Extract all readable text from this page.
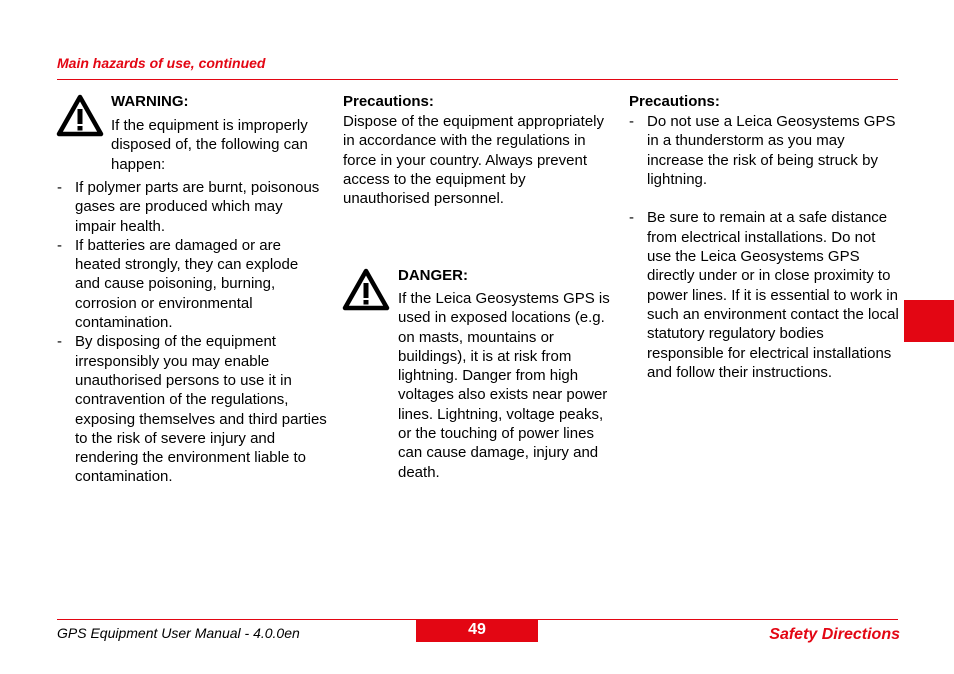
Main hazards of use, continued
WARNING:
If the equipment is improperly disposed of, the following can happen:
- If polymer parts are burnt, poisonous gases are produced which may impair health.
- If batteries are damaged or are heated strongly, they can explode and cause poisoning, burning, corrosion or environmental contamination.
- By disposing of the equipment irresponsibly you may enable unauthorised persons to use it in contravention of the regulations, exposing themselves and third parties to the risk of severe injury and rendering the environment liable to contamination.
Precautions:
Dispose of the equipment appropriately in accordance with the regulations in force in your country. Always prevent access to the equipment by unauthorised personnel.
DANGER:
If the Leica Geosystems GPS is used in exposed locations (e.g. on masts, mountains or buildings), it is at risk from lightning. Danger from high voltages also exists near power lines. Lightning, voltage peaks, or the touching of power lines can cause damage, injury and death.
Precautions:
- Do not use a Leica Geosystems GPS in a thunderstorm as you may increase the risk of being struck by lightning.
- Be sure to remain at a safe distance from electrical installations. Do not use the Leica Geosystems GPS directly under or in close proximity to power lines. If it is essential to work in such an environment contact the local statutory regulatory bodies responsible for electrical installations and follow their instructions.
GPS Equipment User Manual - 4.0.0en	49	Safety Directions
